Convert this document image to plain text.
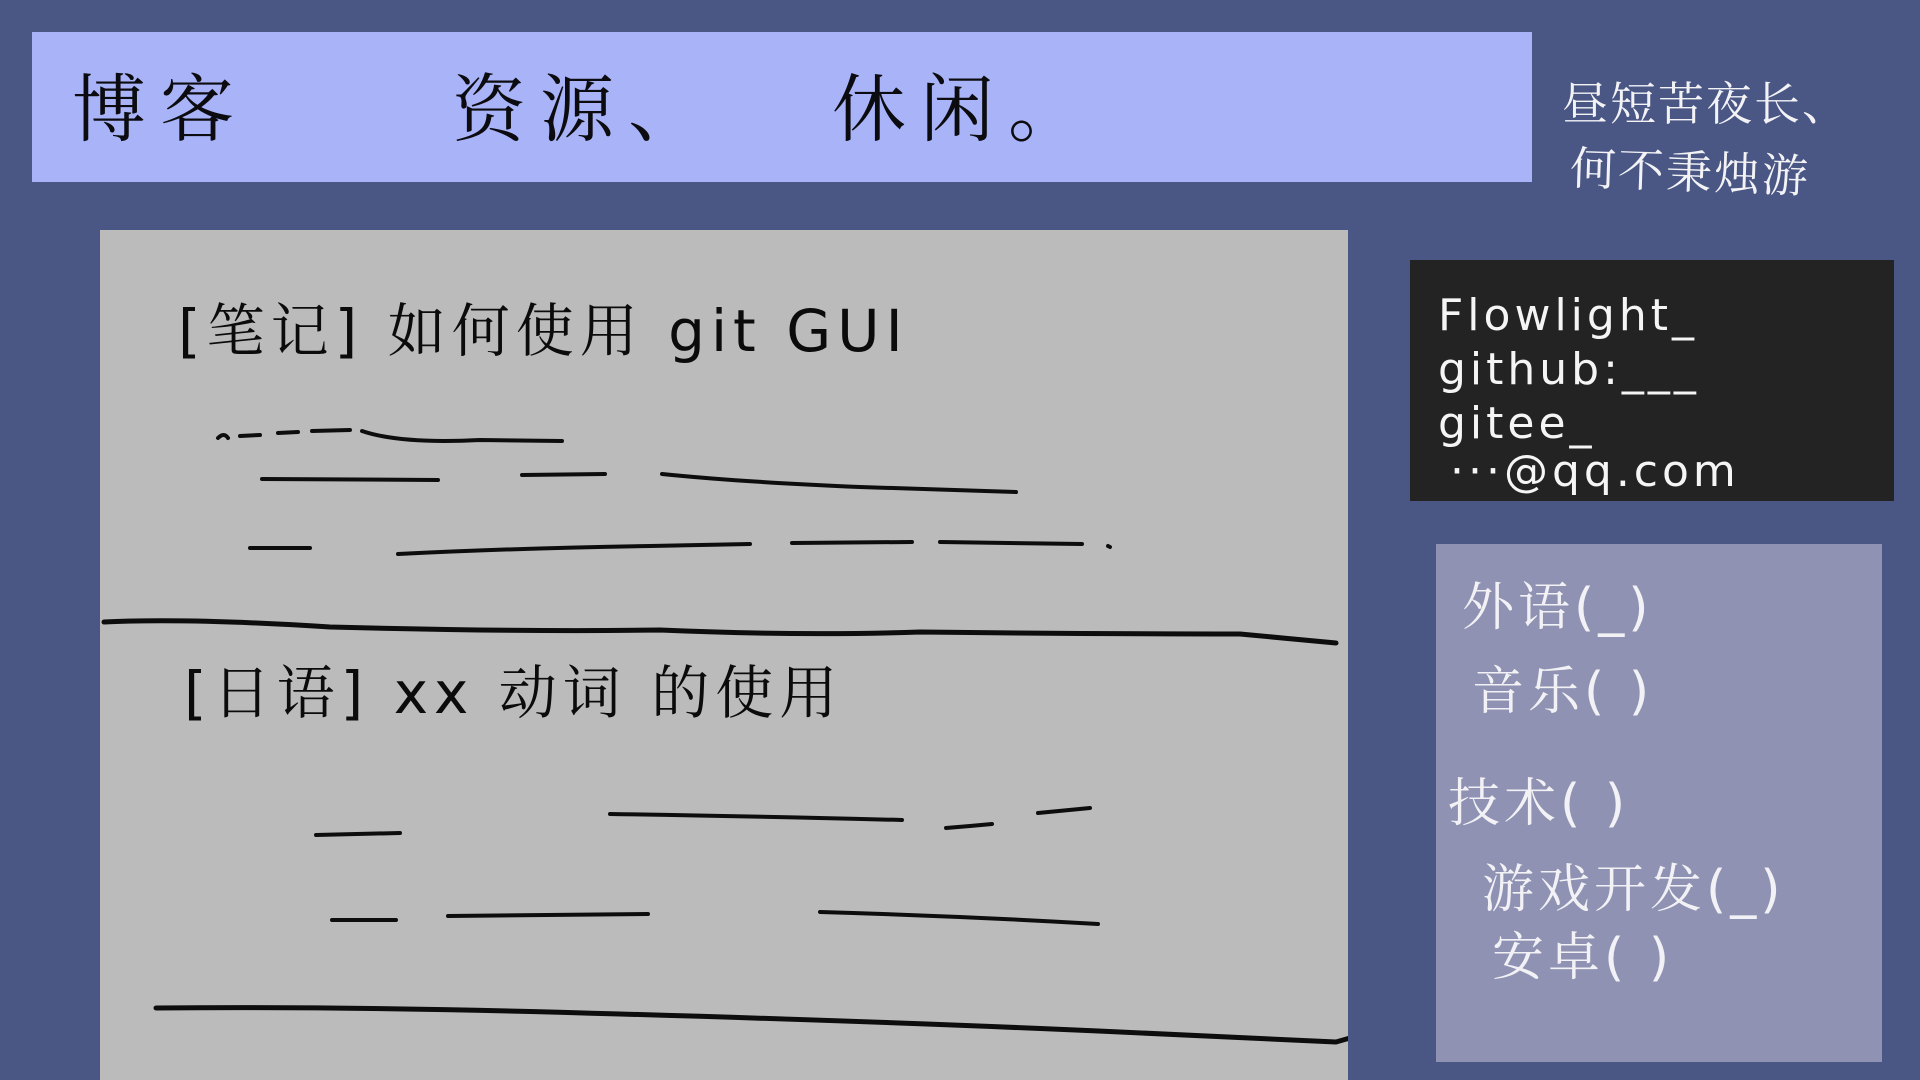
博客	资源、 休闲。	昼短苦夜长、
何不秉烛游
[笔记] 如何使用 git GUI
[日语] xx 动词 的使用
Flowlight_
github:___
gitee_
···@qq.com
外语(_)
音乐( )
技术( )
游戏开发(_)
安卓( )
